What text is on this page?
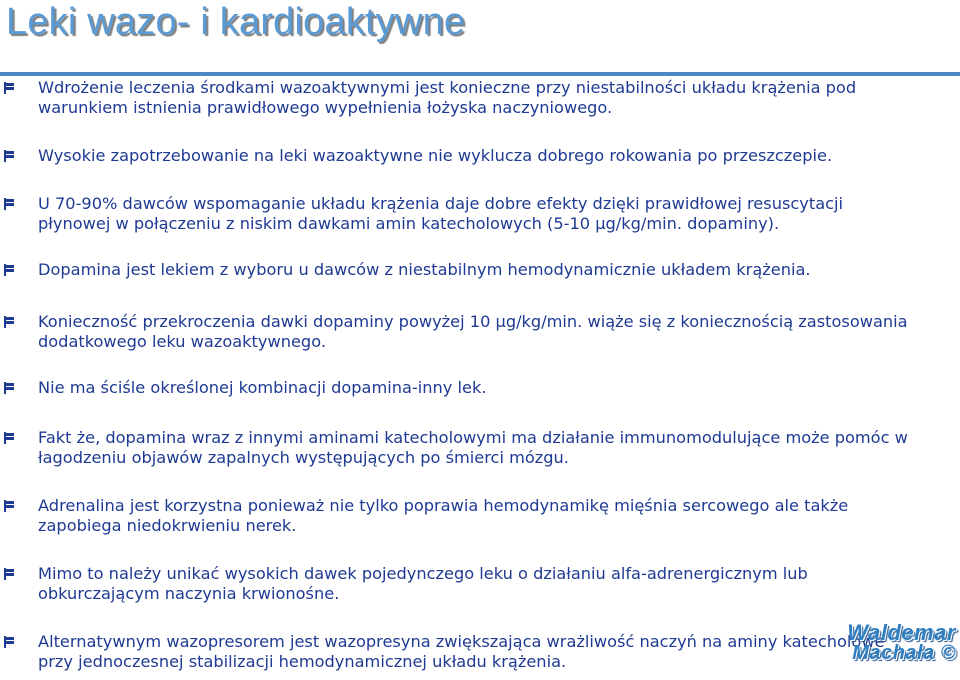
Leki wazo- i kardioaktywne
Wdrożenie leczenia środkami wazoaktywnymi jest konieczne przy niestabilności układu krążenia pod
warunkiem istnienia prawidłowego wypełnienia łożyska naczyniowego.
Wysokie zapotrzebowanie na leki wazoaktywne nie wyklucza dobrego rokowania po przeszczepie.
U 70-90% dawców wspomaganie układu krążenia daje dobre efekty dzięki prawidłowej resuscytacji
płynowej w połączeniu z niskim dawkami amin katecholowych (5-10 µg/kg/min. dopaminy).
Dopamina jest lekiem z wyboru u dawców z niestabilnym hemodynamicznie układem krążenia.
Konieczność przekroczenia dawki dopaminy powyżej 10 µg/kg/min. wiąże się z koniecznością zastosowania
dodatkowego leku wazoaktywnego.
Nie ma ściśle określonej kombinacji dopamina-inny lek.
Fakt że, dopamina wraz z innymi aminami katecholowymi ma działanie immunomodulujące może pomóc w
łagodzeniu objawów zapalnych występujących po śmierci mózgu.
Adrenalina jest korzystna ponieważ nie tylko poprawia hemodynamikę mięśnia sercowego ale także
zapobiega niedokrwieniu nerek.
Mimo to należy unikać wysokich dawek pojedynczego leku o działaniu alfa-adrenergicznym lub
obkurczającym naczynia krwionośne.
Alternatywnym wazopresorem jest wazopresyna zwiększająca wrażliwość naczyń na aminy katecholowe
przy jednoczesnej stabilizacji hemodynamicznej układu krążenia.
Waldemar
Machała ©
